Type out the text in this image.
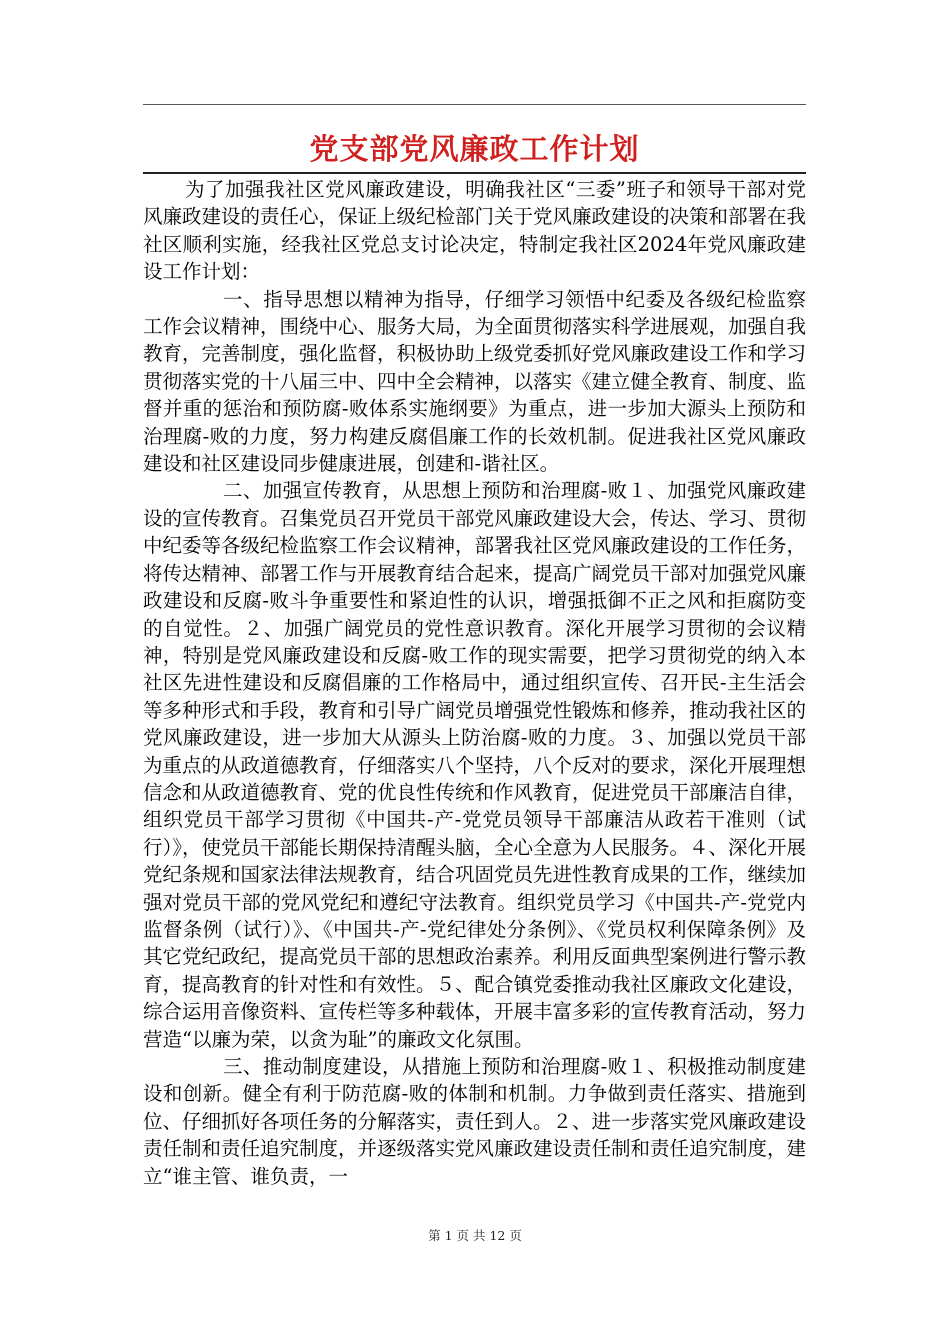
党支部党风廉政工作计划

为了加强我社区党风廉政建设，明确我社区“三委”班子和领导干部对党风廉政建设的责任心，保证上级纪检部门关于党风廉政建设的决策和部署在我社区顺利实施，经我社区党总支讨论决定，特制定我社区2024年党风廉政建设工作计划：

一、指导思想以精神为指导，仔细学习领悟中纪委及各级纪检监察工作会议精神，围绕中心、服务大局，为全面贯彻落实科学进展观，加强自我教育，完善制度，强化监督，积极协助上级党委抓好党风廉政建设工作和学习贯彻落实党的十八届三中、四中全会精神，以落实《建立健全教育、制度、监督并重的惩治和预防腐-败体系实施纲要》为重点，进一步加大源头上预防和治理腐-败的力度，努力构建反腐倡廉工作的长效机制。促进我社区党风廉政建设和社区建设同步健康进展，创建和-谐社区。

二、加强宣传教育，从思想上预防和治理腐-败１、加强党风廉政建设的宣传教育。召集党员召开党员干部党风廉政建设大会，传达、学习、贯彻中纪委等各级纪检监察工作会议精神，部署我社区党风廉政建设的工作任务，将传达精神、部署工作与开展教育结合起来，提高广阔党员干部对加强党风廉政建设和反腐-败斗争重要性和紧迫性的认识，增强抵御不正之风和拒腐防变的自觉性。２、加强广阔党员的党性意识教育。深化开展学习贯彻的会议精神，特别是党风廉政建设和反腐-败工作的现实需要，把学习贯彻党的纳入本社区先进性建设和反腐倡廉的工作格局中，通过组织宣传、召开民-主生活会等多种形式和手段，教育和引导广阔党员增强党性锻炼和修养，推动我社区的党风廉政建设，进一步加大从源头上防治腐-败的力度。３、加强以党员干部为重点的从政道德教育，仔细落实八个坚持，八个反对的要求，深化开展理想信念和从政道德教育、党的优良性传统和作风教育，促进党员干部廉洁自律，组织党员干部学习贯彻《中国共-产-党党员领导干部廉洁从政若干准则（试行）》，使党员干部能长期保持清醒头脑，全心全意为人民服务。４、深化开展党纪条规和国家法律法规教育，结合巩固党员先进性教育成果的工作，继续加强对党员干部的党风党纪和遵纪守法教育。组织党员学习《中国共-产-党党内监督条例（试行）》、《中国共-产-党纪律处分条例》、《党员权利保障条例》及其它党纪政纪，提高党员干部的思想政治素养。利用反面典型案例进行警示教育，提高教育的针对性和有效性。５、配合镇党委推动我社区廉政文化建设，综合运用音像资料、宣传栏等多种载体，开展丰富多彩的宣传教育活动，努力营造“以廉为荣，以贪为耻”的廉政文化氛围。

三、推动制度建设，从措施上预防和治理腐-败１、积极推动制度建设和创新。健全有利于防范腐-败的体制和机制。力争做到责任落实、措施到位、仔细抓好各项任务的分解落实，责任到人。２、进一步落实党风廉政建设责任制和责任追究制度，并逐级落实党风廉政建设责任制和责任追究制度，建立“谁主管、谁负责，一

第 1 页 共 12 页
